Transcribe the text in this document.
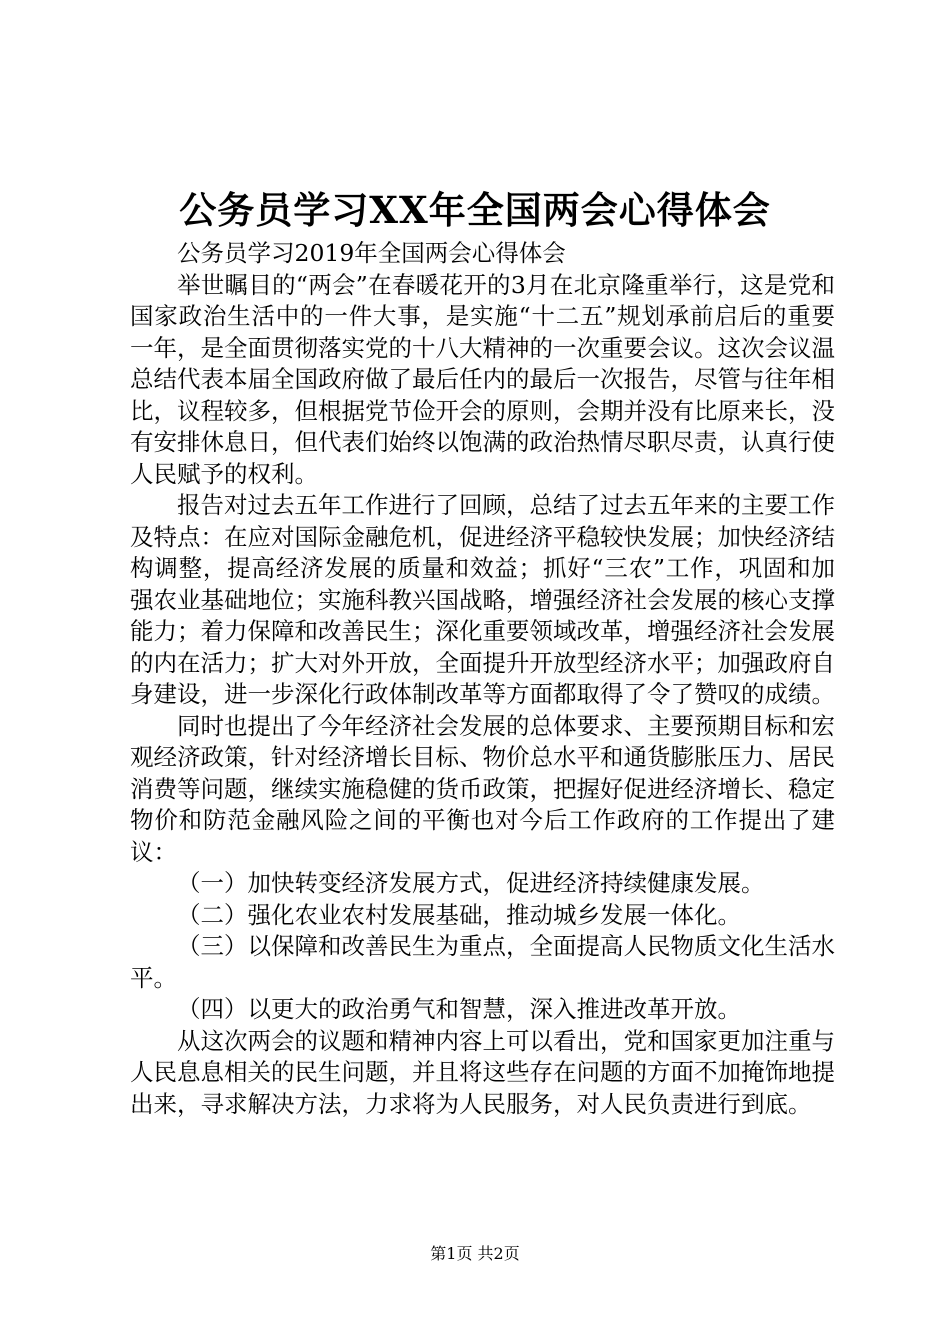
公务员学习XX年全国两会心得体会

公务员学习2019年全国两会心得体会

举世瞩目的“两会”在春暖花开的3月在北京隆重举行，这是党和国家政治生活中的一件大事，是实施“十二五”规划承前启后的重要一年，是全面贯彻落实党的十八大精神的一次重要会议。这次会议温总结代表本届全国政府做了最后任内的最后一次报告，尽管与往年相比，议程较多，但根据党节俭开会的原则，会期并没有比原来长，没有安排休息日，但代表们始终以饱满的政治热情尽职尽责，认真行使人民赋予的权利。

报告对过去五年工作进行了回顾，总结了过去五年来的主要工作及特点：在应对国际金融危机，促进经济平稳较快发展；加快经济结构调整，提高经济发展的质量和效益；抓好“三农”工作，巩固和加强农业基础地位；实施科教兴国战略，增强经济社会发展的核心支撑能力；着力保障和改善民生；深化重要领域改革，增强经济社会发展的内在活力；扩大对外开放，全面提升开放型经济水平；加强政府自身建设，进一步深化行政体制改革等方面都取得了令了赞叹的成绩。

同时也提出了今年经济社会发展的总体要求、主要预期目标和宏观经济政策，针对经济增长目标、物价总水平和通货膨胀压力、居民消费等问题，继续实施稳健的货币政策，把握好促进经济增长、稳定物价和防范金融风险之间的平衡也对今后工作政府的工作提出了建议：

（一）加快转变经济发展方式，促进经济持续健康发展。

（二）强化农业农村发展基础，推动城乡发展一体化。

（三）以保障和改善民生为重点，全面提高人民物质文化生活水平。

（四）以更大的政治勇气和智慧，深入推进改革开放。

从这次两会的议题和精神内容上可以看出，党和国家更加注重与人民息息相关的民生问题，并且将这些存在问题的方面不加掩饰地提出来，寻求解决方法，力求将为人民服务，对人民负责进行到底。

第1页 共2页
